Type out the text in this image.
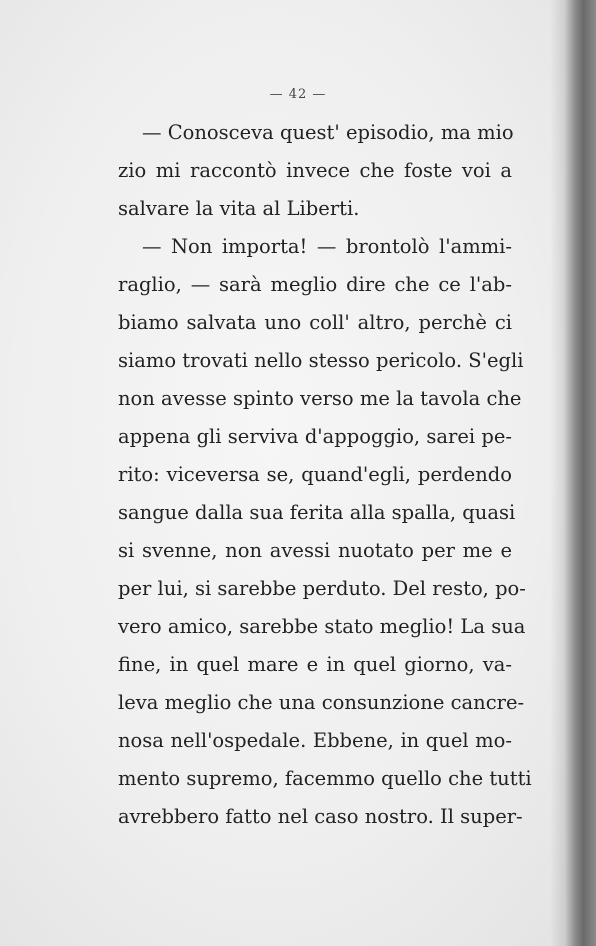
— 42 —
— Conosceva quest' episodio, ma mio
zio mi raccontò invece che foste voi a
salvare la vita al Liberti.
— Non importa! — brontolò l'ammi-
raglio, — sarà meglio dire che ce l'ab-
biamo salvata uno coll' altro, perchè ci
siamo trovati nello stesso pericolo. S'egli
non avesse spinto verso me la tavola che
appena gli serviva d'appoggio, sarei pe-
rito: viceversa se, quand'egli, perdendo
sangue dalla sua ferita alla spalla, quasi
si svenne, non avessi nuotato per me e
per lui, si sarebbe perduto. Del resto, po-
vero amico, sarebbe stato meglio! La sua
fine, in quel mare e in quel giorno, va-
leva meglio che una consunzione cancre-
nosa nell'ospedale. Ebbene, in quel mo-
mento supremo, facemmo quello che tutti
avrebbero fatto nel caso nostro. Il super-
